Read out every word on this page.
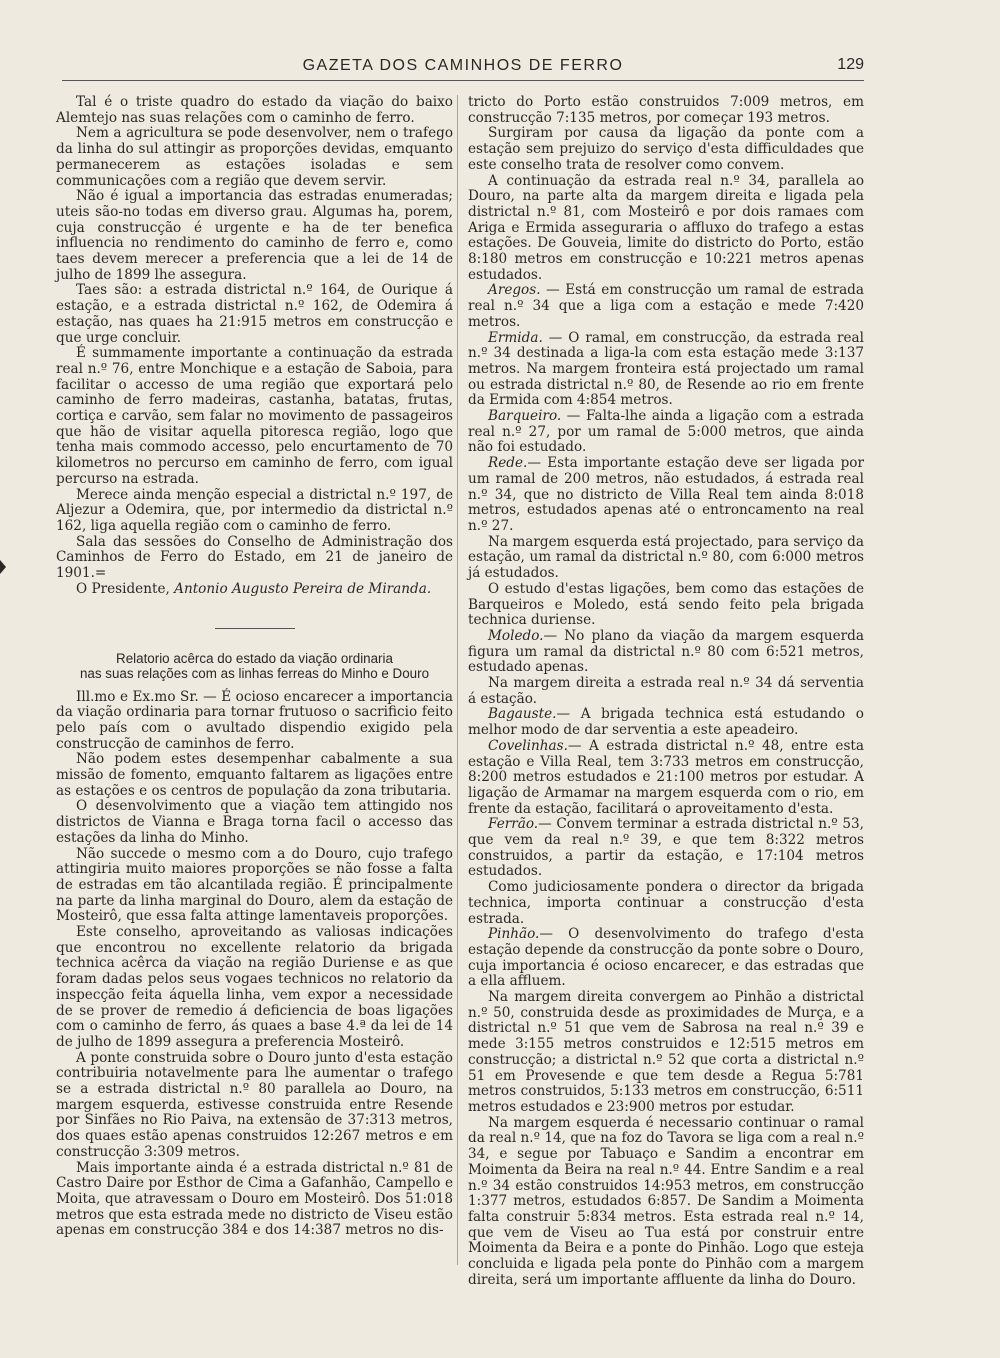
GAZETA DOS CAMINHOS DE FERRO	129

Tal é o triste quadro do estado da viação do baixo Alemtejo nas suas relações com o caminho de ferro.

Nem a agricultura se pode desenvolver, nem o trafego da linha do sul attingir as proporções devidas, emquanto permanecerem as estações isoladas e sem communicações com a região que devem servir.

Não é igual a importancia das estradas enumeradas; uteis são-no todas em diverso grau. Algumas ha, porem, cuja construcção é urgente e ha de ter benefica influencia no rendimento do caminho de ferro e, como taes devem merecer a preferencia que a lei de 14 de julho de 1899 lhe assegura.

Taes são: a estrada districtal n.º 164, de Ourique á estação, e a estrada districtal n.º 162, de Odemira á estação, nas quaes ha 21:915 metros em construcção e que urge concluir.

É summamente importante a continuação da estrada real n.º 76, entre Monchique e a estação de Saboia, para facilitar o accesso de uma região que exportará pelo caminho de ferro madeiras, castanha, batatas, frutas, cortiça e carvão, sem falar no movimento de passageiros que hão de visitar aquella pitoresca região, logo que tenha mais commodo accesso, pelo encurtamento de 70 kilometros no percurso em caminho de ferro, com igual percurso na estrada.

Merece ainda menção especial a districtal n.º 197, de Aljezur a Odemira, que, por intermedio da districtal n.º 162, liga aquella região com o caminho de ferro.

Sala das sessões do Conselho de Administração dos Caminhos de Ferro do Estado, em 21 de janeiro de 1901.=

O Presidente, Antonio Augusto Pereira de Miranda.

Relatorio acêrca do estado da viação ordinaria
nas suas relações com as linhas ferreas do Minho e Douro

Ill.mo e Ex.mo Sr. — É ocioso encarecer a importancia da viação ordinaria para tornar frutuoso o sacrificio feito pelo país com o avultado dispendio exigido pela construcção de caminhos de ferro.

Não podem estes desempenhar cabalmente a sua missão de fomento, emquanto faltarem as ligações entre as estações e os centros de população da zona tributaria.

O desenvolvimento que a viação tem attingido nos districtos de Vianna e Braga torna facil o accesso das estações da linha do Minho.

Não succede o mesmo com a do Douro, cujo trafego attingiria muito maiores proporções se não fosse a falta de estradas em tão alcantilada região. É principalmente na parte da linha marginal do Douro, alem da estação de Mosteirô, que essa falta attinge lamentaveis proporções.

Este conselho, aproveitando as valiosas indicações que encontrou no excellente relatorio da brigada technica acêrca da viação na região Duriense e as que foram dadas pelos seus vogaes technicos no relatorio da inspecção feita áquella linha, vem expor a necessidade de se prover de remedio á deficiencia de boas ligações com o caminho de ferro, ás quaes a base 4.ª da lei de 14 de julho de 1899 assegura a preferencia Mosteirô.

A ponte construida sobre o Douro junto d'esta estação contribuiria notavelmente para lhe aumentar o trafego se a estrada districtal n.º 80 parallela ao Douro, na margem esquerda, estivesse construida entre Resende por Sinfães no Rio Paiva, na extensão de 37:313 metros, dos quaes estão apenas construidos 12:267 metros e em construcção 3:309 metros.

Mais importante ainda é a estrada districtal n.º 81 de Castro Daire por Esthor de Cima a Gafanhão, Campello e Moita, que atravessam o Douro em Mosteirô. Dos 51:018 metros que esta estrada mede no districto de Viseu estão apenas em construcção 384 e dos 14:387 metros no dis-

tricto do Porto estão construidos 7:009 metros, em construcção 7:135 metros, por começar 193 metros.

Surgiram por causa da ligação da ponte com a estação sem prejuizo do serviço d'esta difficuldades que este conselho trata de resolver como convem.

A continuação da estrada real n.º 34, parallela ao Douro, na parte alta da margem direita e ligada pela districtal n.º 81, com Mosteirô e por dois ramaes com Ariga e Ermida asseguraria o affluxo do trafego a estas estações. De Gouveia, limite do districto do Porto, estão 8:180 metros em construcção e 10:221 metros apenas estudados.

Aregos. — Está em construcção um ramal de estrada real n.º 34 que a liga com a estação e mede 7:420 metros.

Ermida. — O ramal, em construcção, da estrada real n.º 34 destinada a liga-la com esta estação mede 3:137 metros. Na margem fronteira está projectado um ramal ou estrada districtal n.º 80, de Resende ao rio em frente da Ermida com 4:854 metros.

Barqueiro. — Falta-lhe ainda a ligação com a estrada real n.º 27, por um ramal de 5:000 metros, que ainda não foi estudado.

Rede.— Esta importante estação deve ser ligada por um ramal de 200 metros, não estudados, á estrada real n.º 34, que no districto de Villa Real tem ainda 8:018 metros, estudados apenas até o entroncamento na real n.º 27.

Na margem esquerda está projectado, para serviço da estação, um ramal da districtal n.º 80, com 6:000 metros já estudados.

O estudo d'estas ligações, bem como das estações de Barqueiros e Moledo, está sendo feito pela brigada technica duriense.

Moledo.— No plano da viação da margem esquerda figura um ramal da districtal n.º 80 com 6:521 metros, estudado apenas.

Na margem direita a estrada real n.º 34 dá serventia á estação.

Bagauste.— A brigada technica está estudando o melhor modo de dar serventia a este apeadeiro.

Covelinhas.— A estrada districtal n.º 48, entre esta estação e Villa Real, tem 3:733 metros em construcção, 8:200 metros estudados e 21:100 metros por estudar. A ligação de Armamar na margem esquerda com o rio, em frente da estação, facilitará o aproveitamento d'esta.

Ferrão.— Convem terminar a estrada districtal n.º 53, que vem da real n.º 39, e que tem 8:322 metros construidos, a partir da estação, e 17:104 metros estudados.

Como judiciosamente pondera o director da brigada technica, importa continuar a construcção d'esta estrada.

Pinhão.— O desenvolvimento do trafego d'esta estação depende da construcção da ponte sobre o Douro, cuja importancia é ocioso encarecer, e das estradas que a ella affluem.

Na margem direita convergem ao Pinhão a districtal n.º 50, construida desde as proximidades de Murça, e a districtal n.º 51 que vem de Sabrosa na real n.º 39 e mede 3:155 metros construidos e 12:515 metros em construcção; a districtal n.º 52 que corta a districtal n.º 51 em Provesende e que tem desde a Regua 5:781 metros construidos, 5:133 metros em construcção, 6:511 metros estudados e 23:900 metros por estudar.

Na margem esquerda é necessario continuar o ramal da real n.º 14, que na foz do Tavora se liga com a real n.º 34, e segue por Tabuaço e Sandim a encontrar em Moimenta da Beira na real n.º 44. Entre Sandim e a real n.º 34 estão construidos 14:953 metros, em construcção 1:377 metros, estudados 6:857. De Sandim a Moimenta falta construir 5:834 metros. Esta estrada real n.º 14, que vem de Viseu ao Tua está por construir entre Moimenta da Beira e a ponte do Pinhão. Logo que esteja concluida e ligada pela ponte do Pinhão com a margem direita, será um importante affluente da linha do Douro.
